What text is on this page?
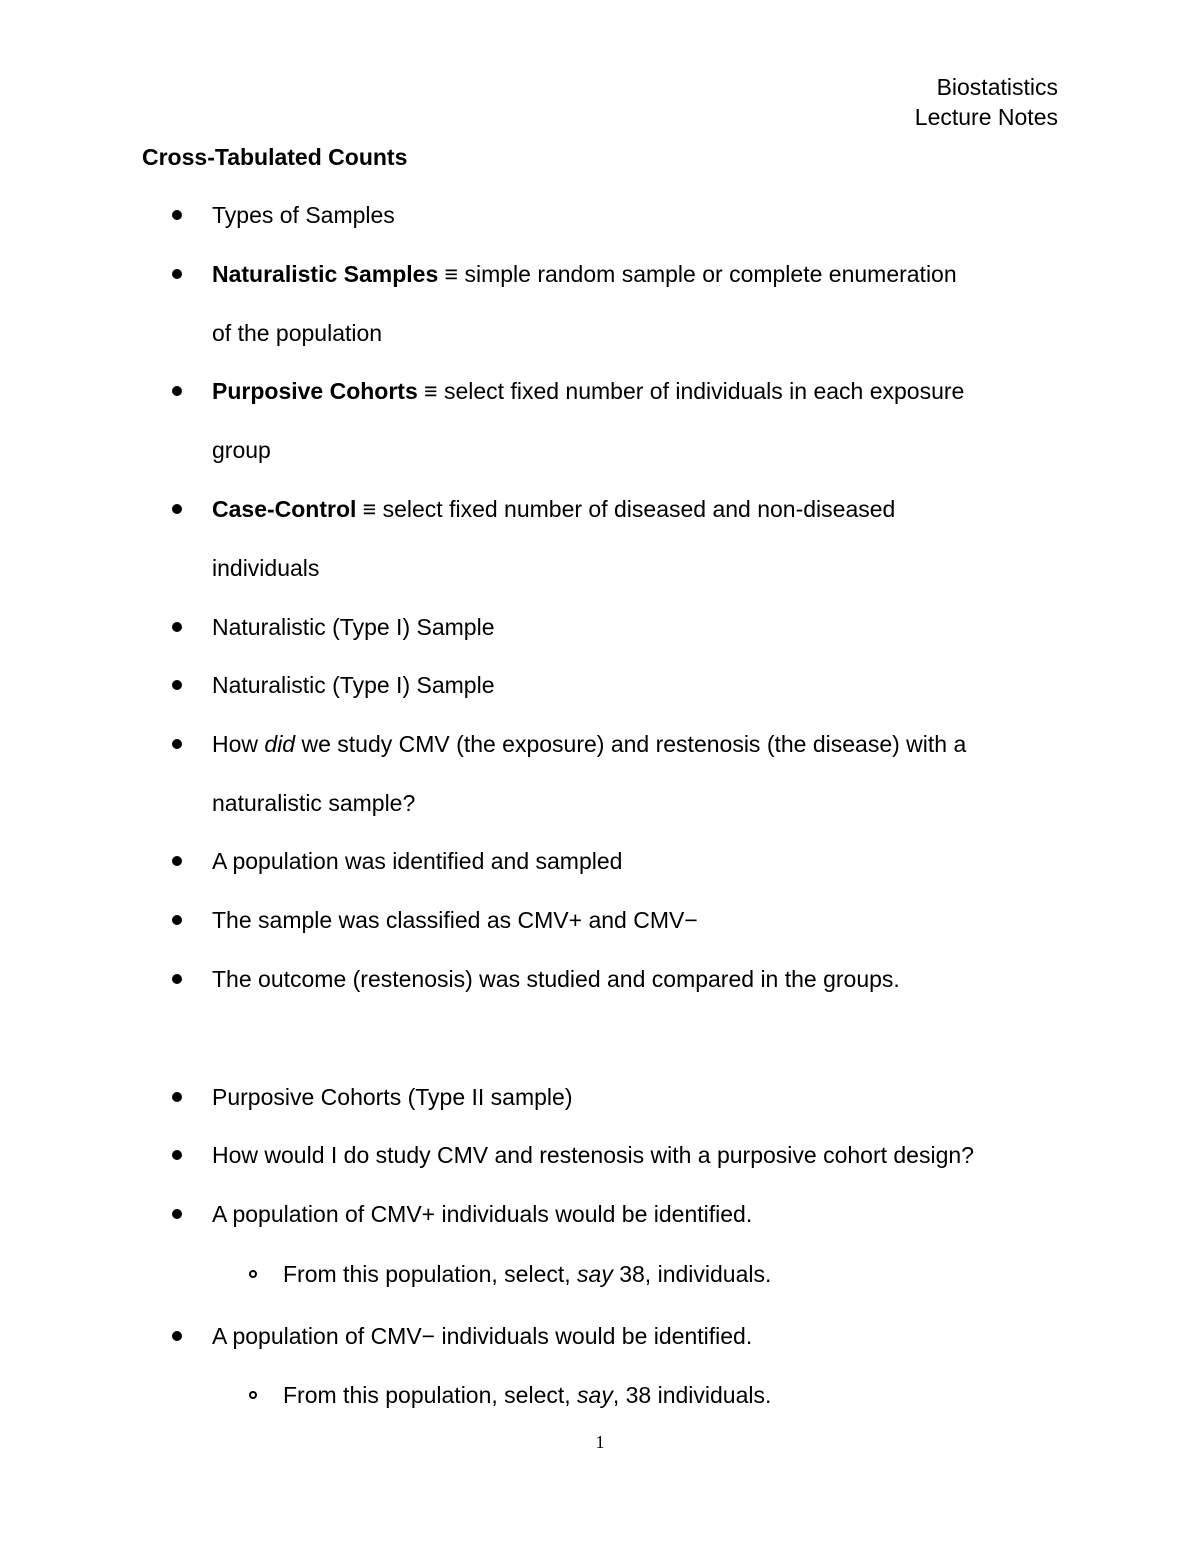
Biostatistics
Lecture Notes
Cross-Tabulated Counts
Types of Samples
Naturalistic Samples ≡ simple random sample or complete enumeration
of the population
Purposive Cohorts ≡ select fixed number of individuals in each exposure
group
Case-Control ≡ select fixed number of diseased and non-diseased
individuals
Naturalistic (Type I) Sample
Naturalistic (Type I) Sample
How did we study CMV (the exposure) and restenosis (the disease) with a
naturalistic sample?
A population was identified and sampled
The sample was classified as CMV+ and CMV−
The outcome (restenosis) was studied and compared in the groups.
Purposive Cohorts (Type II sample)
How would I do study CMV and restenosis with a purposive cohort design?
A population of CMV+ individuals would be identified.
From this population, select, say 38, individuals.
A population of CMV− individuals would be identified.
From this population, select, say, 38 individuals.
1
